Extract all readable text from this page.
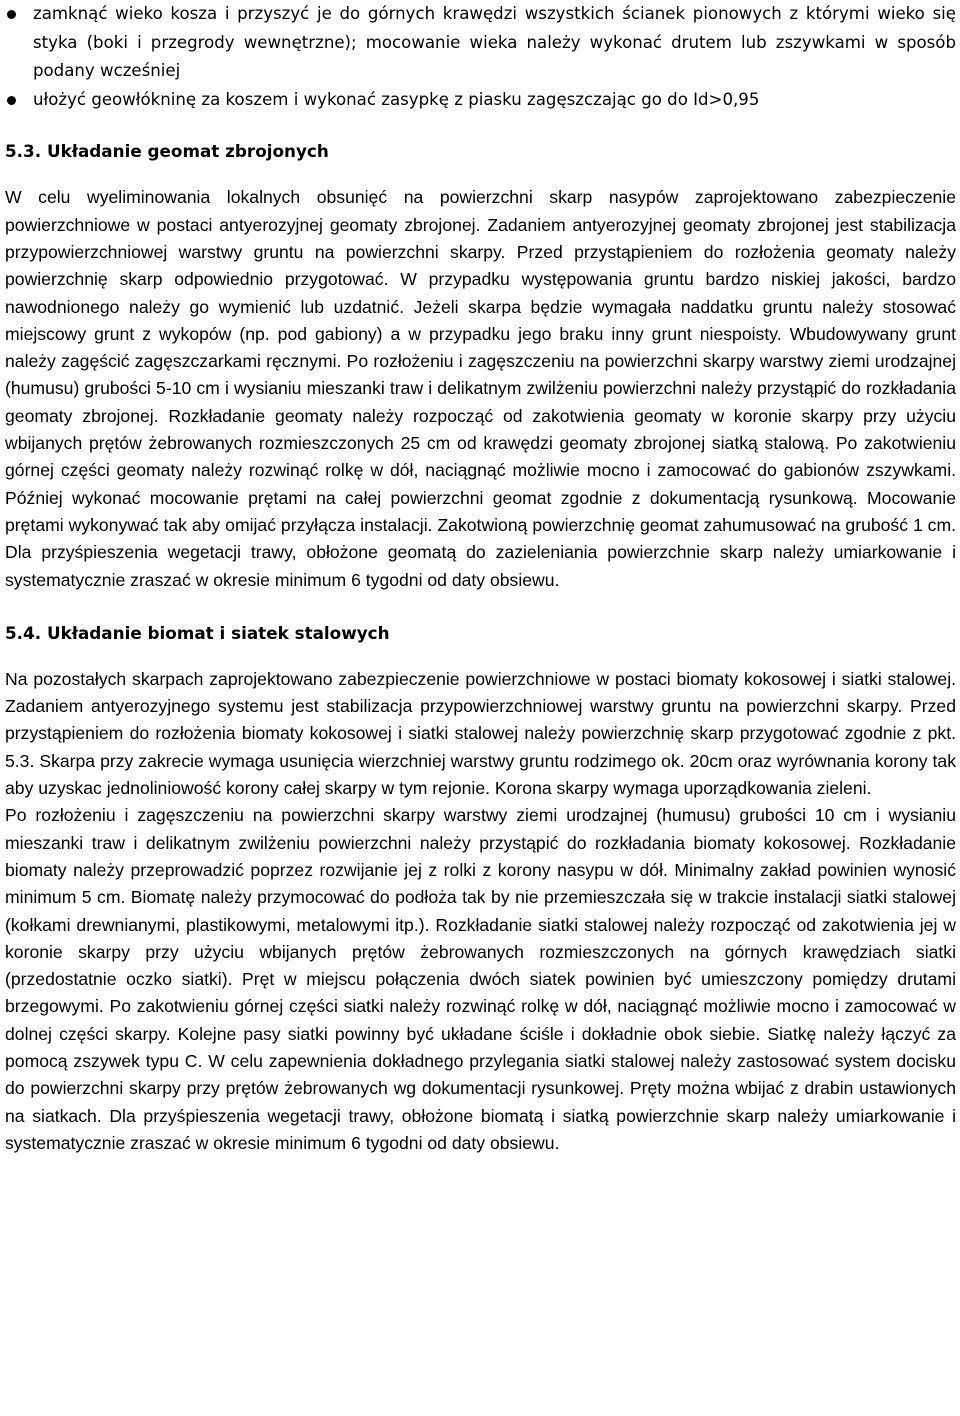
zamknąć wieko kosza i przyszyć je do górnych krawędzi wszystkich ścianek pionowych z którymi wieko się styka (boki i przegrody wewnętrzne); mocowanie wieka należy wykonać drutem lub zszywkami w sposób podany wcześniej
ułożyć geowłókninę za koszem i wykonać zasypkę z piasku zagęszczając go do Id>0,95
5.3. Układanie geomat zbrojonych

W celu wyeliminowania lokalnych obsunięć na powierzchni skarp nasypów zaprojektowano zabezpieczenie powierzchniowe w postaci antyerozyjnej geomaty zbrojonej. Zadaniem antyerozyjnej geomaty zbrojonej jest stabilizacja przypowierzchniowej warstwy gruntu na powierzchni skarpy. Przed przystąpieniem do rozłożenia geomaty należy powierzchnię skarp odpowiednio przygotować. W przypadku występowania gruntu bardzo niskiej jakości, bardzo nawodnionego należy go wymienić lub uzdatnić. Jeżeli skarpa będzie wymagała naddatku gruntu należy stosować miejscowy grunt z wykopów (np. pod gabiony) a w przypadku jego braku inny grunt niespoisty. Wbudowywany grunt należy zagęścić zagęszczarkami ręcznymi. Po rozłożeniu i zagęszczeniu na powierzchni skarpy warstwy ziemi urodzajnej (humusu) grubości 5-10 cm i wysianiu mieszanki traw i delikatnym zwilżeniu powierzchni należy przystąpić do rozkładania geomaty zbrojonej. Rozkładanie geomaty należy rozpocząć od zakotwienia geomaty w koronie skarpy przy użyciu wbijanych prętów żebrowanych rozmieszczonych 25 cm od krawędzi geomaty zbrojonej siatką stalową. Po zakotwieniu górnej części geomaty należy rozwinąć rolkę w dół, naciągnąć możliwie mocno i zamocować do gabionów zszywkami. Później wykonać mocowanie prętami na całej powierzchni geomat zgodnie z dokumentacją rysunkową. Mocowanie prętami wykonywać tak aby omijać przyłącza instalacji. Zakotwioną powierzchnię geomat zahumusować na grubość 1 cm. Dla przyśpieszenia wegetacji trawy, obłożone geomatą do zazieleniania powierzchnie skarp należy umiarkowanie i systematycznie zraszać w okresie minimum 6 tygodni od daty obsiewu.

5.4. Układanie biomat i siatek stalowych

Na pozostałych skarpach zaprojektowano zabezpieczenie powierzchniowe w postaci biomaty kokosowej i siatki stalowej. Zadaniem antyerozyjnego systemu jest stabilizacja przypowierzchniowej warstwy gruntu na powierzchni skarpy. Przed przystąpieniem do rozłożenia biomaty kokosowej i siatki stalowej należy powierzchnię skarp przygotować zgodnie z pkt. 5.3. Skarpa przy zakrecie wymaga usunięcia wierzchniej warstwy gruntu rodzimego ok. 20cm oraz wyrównania korony tak aby uzyskac jednoliniowość korony całej skarpy w tym rejonie. Korona skarpy wymaga uporządkowania zieleni.

Po rozłożeniu i zagęszczeniu na powierzchni skarpy warstwy ziemi urodzajnej (humusu) grubości 10 cm i wysianiu mieszanki traw i delikatnym zwilżeniu powierzchni należy przystąpić do rozkładania biomaty kokosowej. Rozkładanie biomaty należy przeprowadzić poprzez rozwijanie jej z rolki z korony nasypu w dół. Minimalny zakład powinien wynosić minimum 5 cm. Biomatę należy przymocować do podłoża tak by nie przemieszczała się w trakcie instalacji siatki stalowej (kołkami drewnianymi, plastikowymi, metalowymi itp.). Rozkładanie siatki stalowej należy rozpocząć od zakotwienia jej w koronie skarpy przy użyciu wbijanych prętów żebrowanych rozmieszczonych na górnych krawędziach siatki (przedostatnie oczko siatki). Pręt w miejscu połączenia dwóch siatek powinien być umieszczony pomiędzy drutami brzegowymi. Po zakotwieniu górnej części siatki należy rozwinąć rolkę w dół, naciągnąć możliwie mocno i zamocować w dolnej części skarpy. Kolejne pasy siatki powinny być układane ściśle i dokładnie obok siebie. Siatkę należy łączyć za pomocą zszywek typu C. W celu zapewnienia dokładnego przylegania siatki stalowej należy zastosować system docisku do powierzchni skarpy przy prętów żebrowanych wg dokumentacji rysunkowej. Pręty można wbijać z drabin ustawionych na siatkach. Dla przyśpieszenia wegetacji trawy, obłożone biomatą i siatką powierzchnie skarp należy umiarkowanie i systematycznie zraszać w okresie minimum 6 tygodni od daty obsiewu.
